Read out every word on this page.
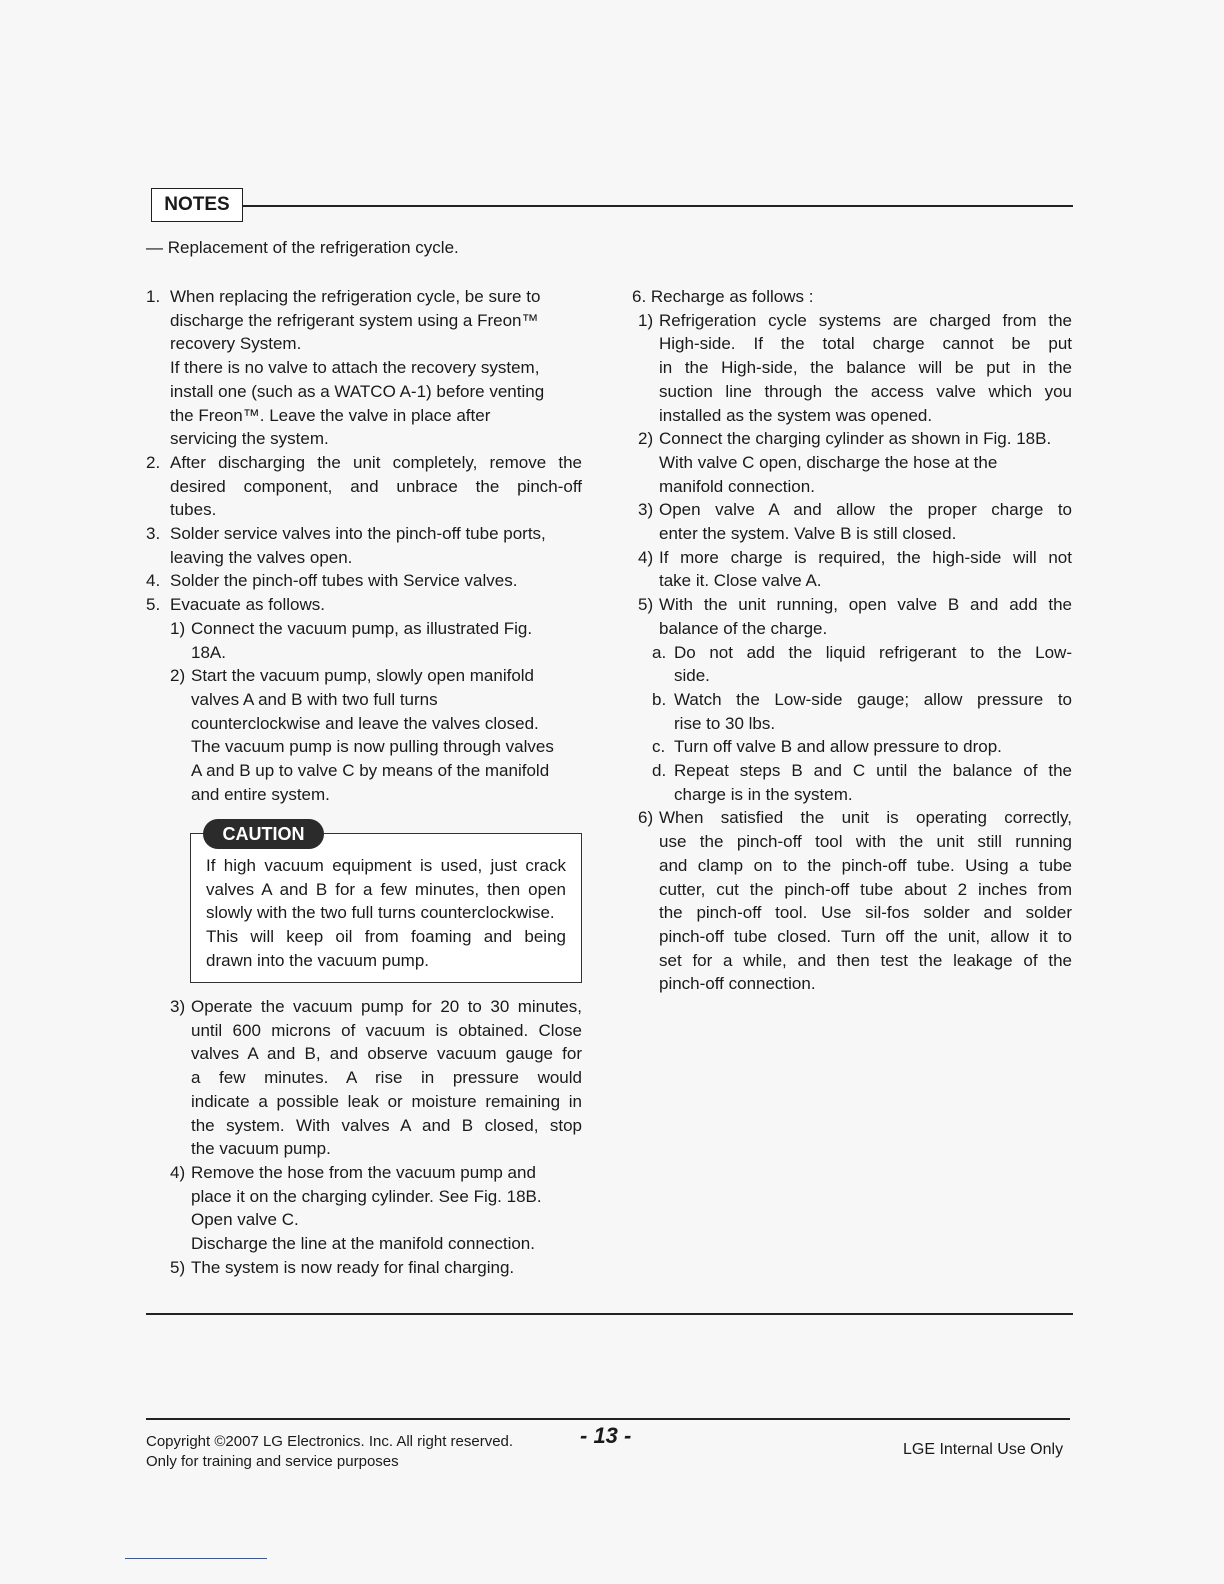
NOTES
— Replacement of the refrigeration cycle.
1. When replacing the refrigeration cycle, be sure to

discharge the refrigerant system using a Freon™

recovery System.

If there is no valve to attach the recovery system,

install one (such as a WATCO A-1) before venting

the Freon™. Leave the valve in place after

servicing the system.

2. After discharging the unit completely, remove the

desired component, and unbrace the pinch-off

tubes.

3. Solder service valves into the pinch-off tube ports,

leaving the valves open.

4. Solder the pinch-off tubes with Service valves.

5. Evacuate as follows.

1) Connect the vacuum pump, as illustrated Fig.

18A.

2) Start the vacuum pump, slowly open manifold

valves A and B with two full turns

counterclockwise and leave the valves closed.

The vacuum pump is now pulling through valves

A and B up to valve C by means of the manifold

and entire system.

CAUTION

If high vacuum equipment is used, just crack

valves A and B for a few minutes, then open

slowly with the two full turns counterclockwise.

This will keep oil from foaming and being

drawn into the vacuum pump.

3) Operate the vacuum pump for 20 to 30 minutes,

until 600 microns of vacuum is obtained. Close

valves A and B, and observe vacuum gauge for

a few minutes. A rise in pressure would

indicate a possible leak or moisture remaining in

the system. With valves A and B closed, stop

the vacuum pump.

4) Remove the hose from the vacuum pump and

place it on the charging cylinder. See Fig. 18B.

Open valve C.

Discharge the line at the manifold connection.

5) The system is now ready for final charging.

6. Recharge as follows :

1) Refrigeration cycle systems are charged from the

High-side. If the total charge cannot be put

in the High-side, the balance will be put in the

suction line through the access valve which you

installed as the system was opened.

2) Connect the charging cylinder as shown in Fig. 18B.

With valve C open, discharge the hose at the

manifold connection.

3) Open valve A and allow the proper charge to

enter the system. Valve B is still closed.

4) If more charge is required, the high-side will not

take it. Close valve A.

5) With the unit running, open valve B and add the

balance of the charge.

a. Do not add the liquid refrigerant to the Low-

side.

b. Watch the Low-side gauge; allow pressure to

rise to 30 lbs.

c. Turn off valve B and allow pressure to drop.

d. Repeat steps B and C until the balance of the

charge is in the system.

6) When satisfied the unit is operating correctly,

use the pinch-off tool with the unit still running

and clamp on to the pinch-off tube. Using a tube

cutter, cut the pinch-off tube about 2 inches from

the pinch-off tool. Use sil-fos solder and solder

pinch-off tube closed. Turn off the unit, allow it to

set for a while, and then test the leakage of the

pinch-off connection.

Copyright ©2007 LG Electronics. Inc. All right reserved.

Only for training and service purposes

- 13 -
LGE Internal Use Only
